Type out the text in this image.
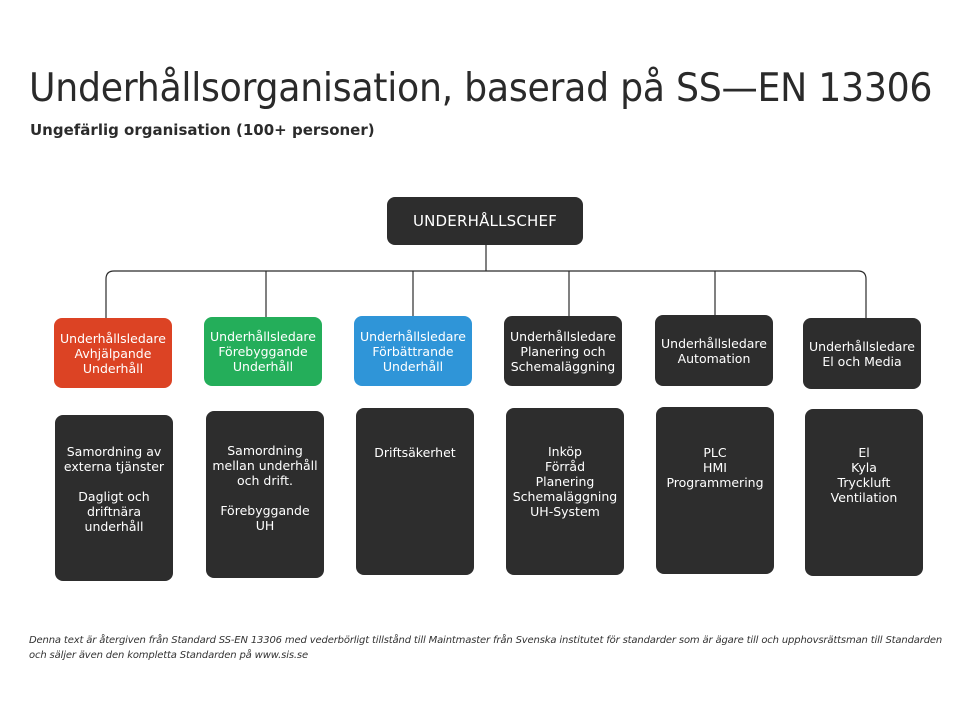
Underhållsorganisation, baserad på SS—EN 13306
Ungefärlig organisation (100+ personer)
UNDERHÅLLSCHEF
Underhållsledare
Avhjälpande
Underhåll
Underhållsledare
Förebyggande
Underhåll
Underhållsledare
Förbättrande
Underhåll
Underhållsledare
Planering och
Schemaläggning
Underhållsledare
Automation
Underhållsledare
El och Media
Samordning av
externa tjänster
Dagligt och
driftnära underhåll
Samordning
mellan underhåll
och drift.
Förebyggande UH
Driftsäkerhet	Inköp
Förråd
Planering
Schemaläggning
UH-System
PLC
HMI
Programmering
El
Kyla
Tryckluft
Ventilation
Denna text är återgiven från Standard SS-EN 13306 med vederbörligt tillstånd till Maintmaster från Svenska institutet för standarder som är ägare till och upphovsrättsman till Standarden
och säljer även den kompletta Standarden på www.sis.se
